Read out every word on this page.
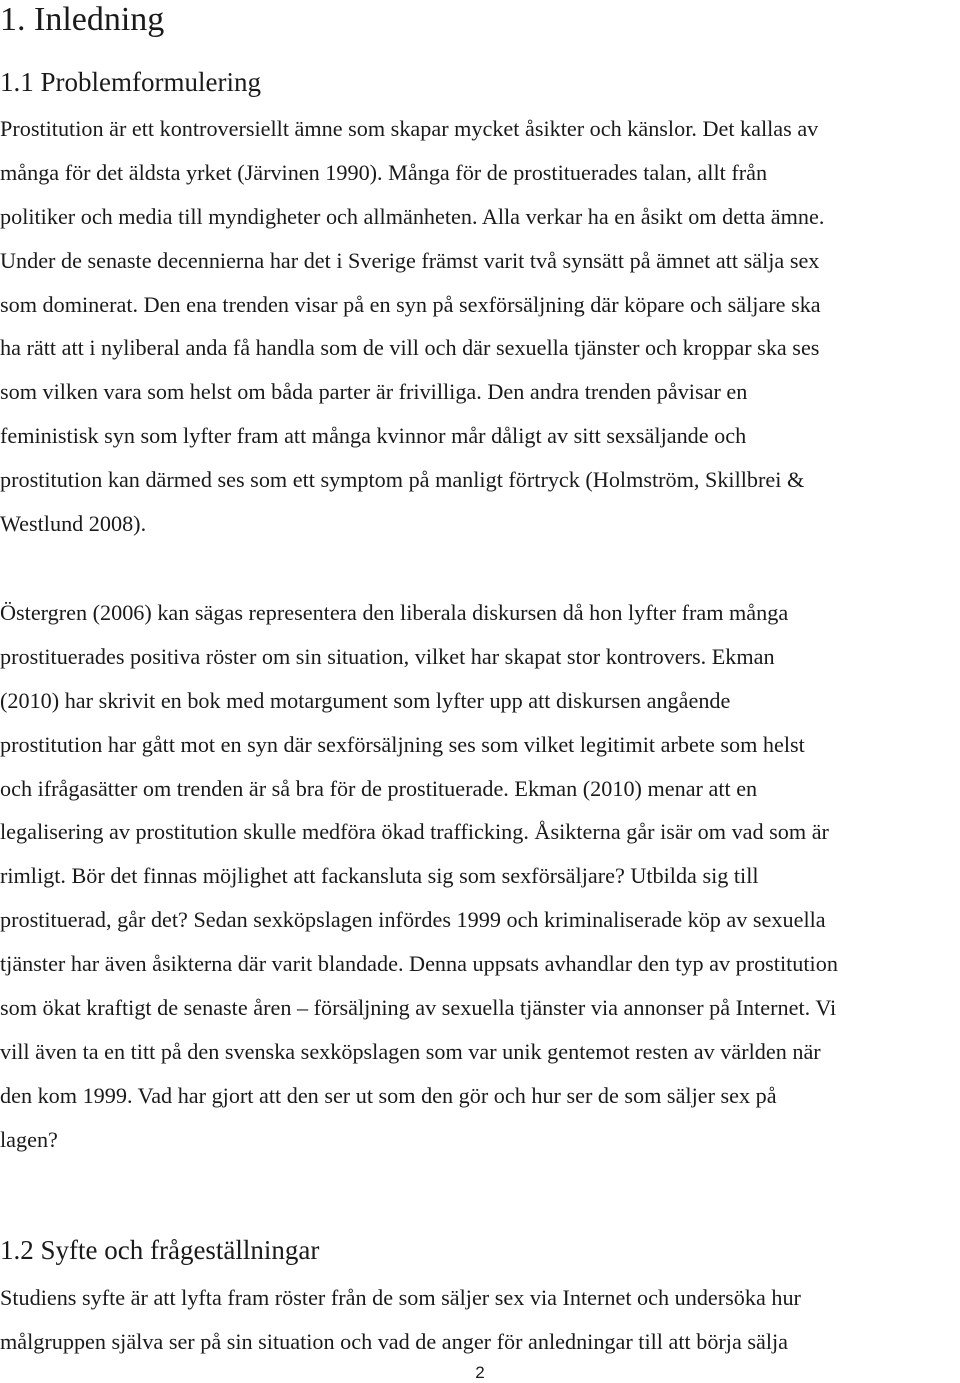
1. Inledning
1.1 Problemformulering
Prostitution är ett kontroversiellt ämne som skapar mycket åsikter och känslor. Det kallas av
många för det äldsta yrket (Järvinen 1990). Många för de prostituerades talan, allt från
politiker och media till myndigheter och allmänheten. Alla verkar ha en åsikt om detta ämne.
Under de senaste decennierna har det i Sverige främst varit två synsätt på ämnet att sälja sex
som dominerat. Den ena trenden visar på en syn på sexförsäljning där köpare och säljare ska
ha rätt att i nyliberal anda få handla som de vill och där sexuella tjänster och kroppar ska ses
som vilken vara som helst om båda parter är frivilliga. Den andra trenden påvisar en
feministisk syn som lyfter fram att många kvinnor mår dåligt av sitt sexsäljande och
prostitution kan därmed ses som ett symptom på manligt förtryck (Holmström, Skillbrei &
Westlund 2008).
Östergren (2006) kan sägas representera den liberala diskursen då hon lyfter fram många
prostituerades positiva röster om sin situation, vilket har skapat stor kontrovers. Ekman
(2010) har skrivit en bok med motargument som lyfter upp att diskursen angående
prostitution har gått mot en syn där sexförsäljning ses som vilket legitimit arbete som helst
och ifrågasätter om trenden är så bra för de prostituerade. Ekman (2010) menar att en
legalisering av prostitution skulle medföra ökad trafficking. Åsikterna går isär om vad som är
rimligt. Bör det finnas möjlighet att fackansluta sig som sexförsäljare? Utbilda sig till
prostituerad, går det? Sedan sexköpslagen infördes 1999 och kriminaliserade köp av sexuella
tjänster har även åsikterna där varit blandade. Denna uppsats avhandlar den typ av prostitution
som ökat kraftigt de senaste åren – försäljning av sexuella tjänster via annonser på Internet. Vi
vill även ta en titt på den svenska sexköpslagen som var unik gentemot resten av världen när
den kom 1999. Vad har gjort att den ser ut som den gör och hur ser de som säljer sex på
lagen?
1.2 Syfte och frågeställningar
Studiens syfte är att lyfta fram röster från de som säljer sex via Internet och undersöka hur
målgruppen själva ser på sin situation och vad de anger för anledningar till att börja sälja
2
